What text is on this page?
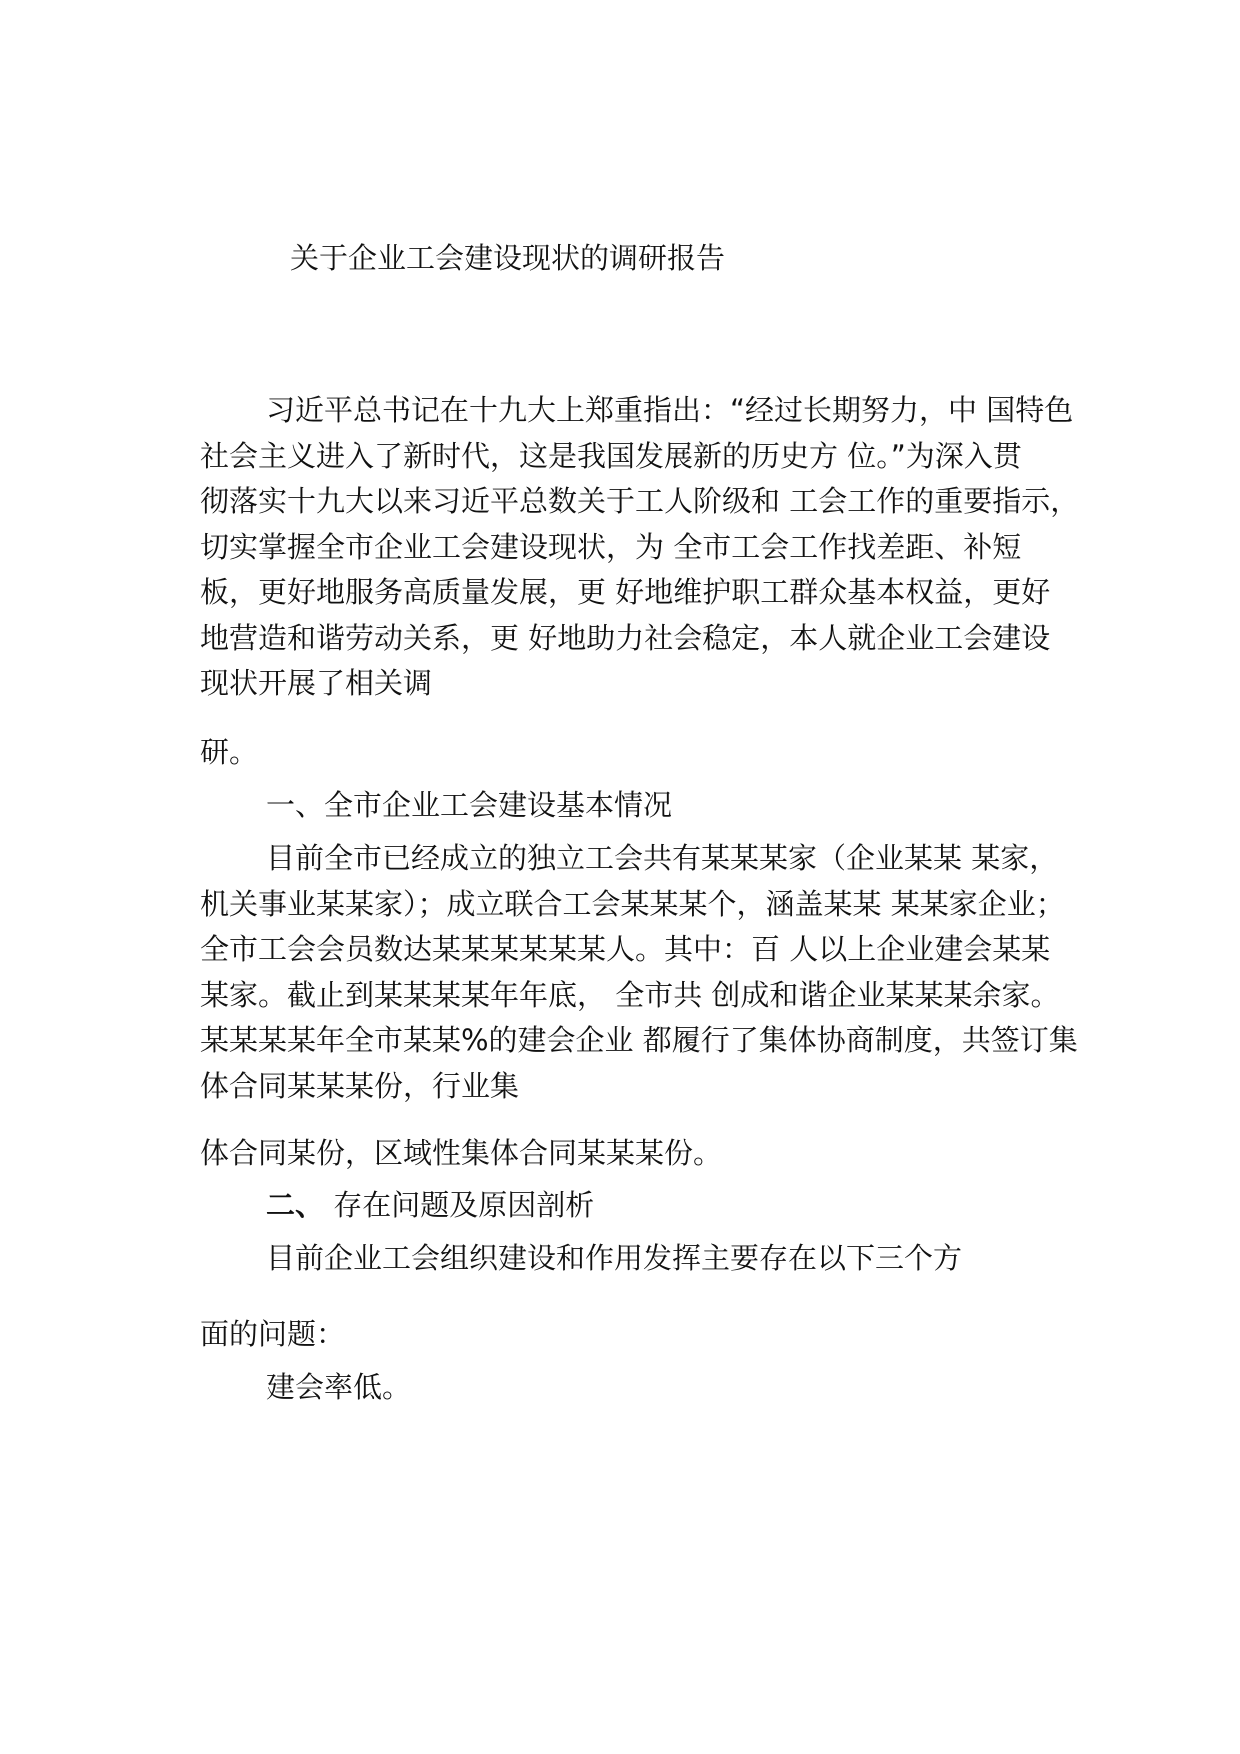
关于企业工会建设现状的调研报告
习近平总书记在十九大上郑重指出：“经过长期努力，中 国特色
社会主义进入了新时代，这是我国发展新的历史方 位。”为深入贯
彻落实十九大以来习近平总数关于工人阶级和 工会工作的重要指示，
切实掌握全市企业工会建设现状，为 全市工会工作找差距、补短
板，更好地服务高质量发展，更 好地维护职工群众基本权益，更好
地营造和谐劳动关系，更 好地助力社会稳定，本人就企业工会建设
现状开展了相关调
研。
一、全市企业工会建设基本情况
目前全市已经成立的独立工会共有某某某家（企业某某 某家，
机关事业某某家）；成立联合工会某某某个，涵盖某某 某某家企业；
全市工会会员数达某某某某某某人。其中：百 人以上企业建会某某
某家。截止到某某某某年年底， 全市共 创成和谐企业某某某余家。
某某某某年全市某某%的建会企业 都履行了集体协商制度，共签订集
体合同某某某份，行业集
体合同某份，区域性集体合同某某某份。
二、 存在问题及原因剖析
目前企业工会组织建设和作用发挥主要存在以下三个方
面的问题：
建会率低。
